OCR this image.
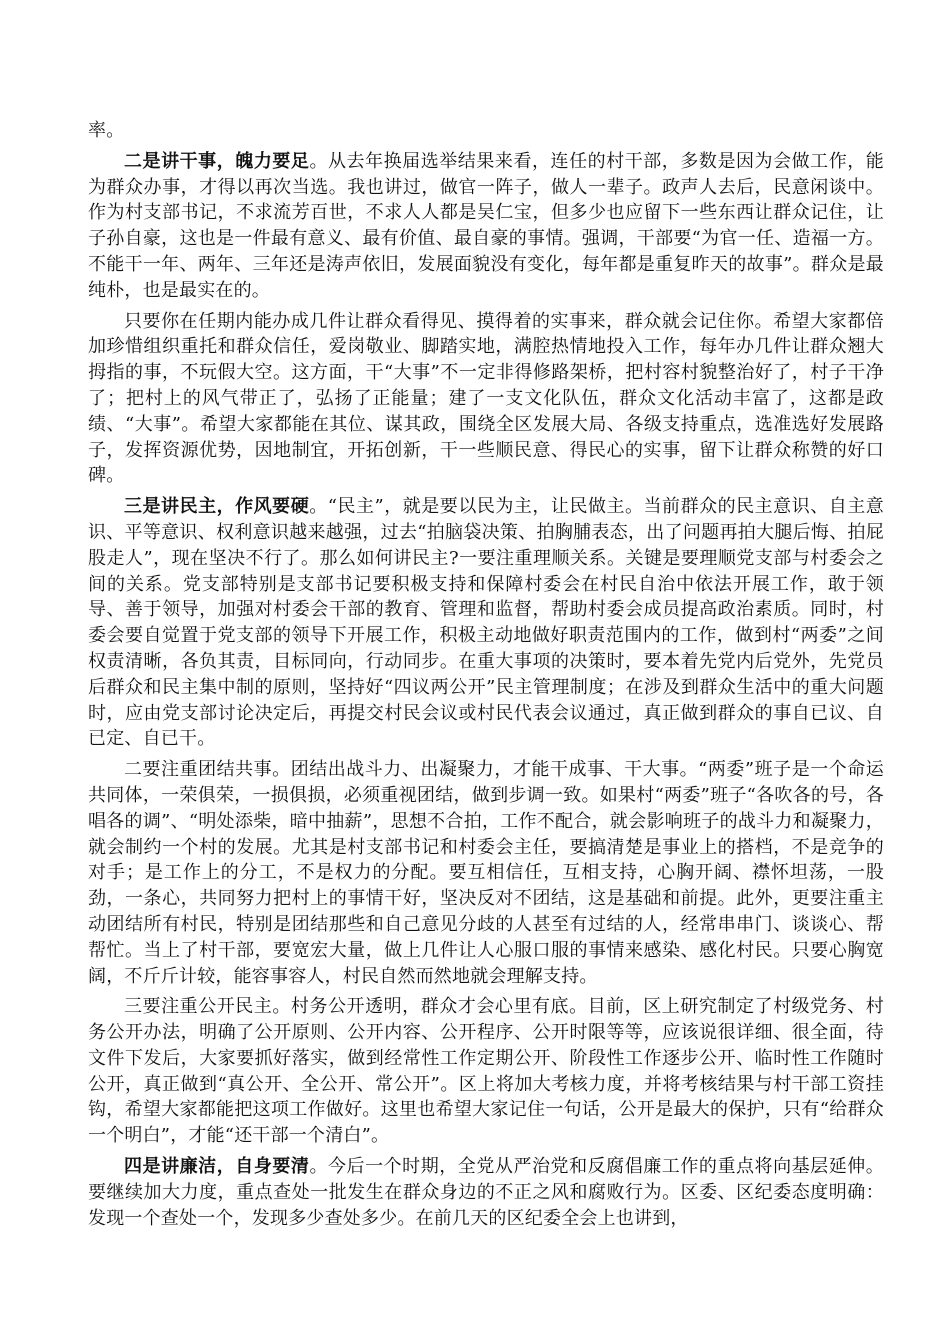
率。

二是讲干事，魄力要足。从去年换届选举结果来看，连任的村干部，多数是因为会做工作，能为群众办事，才得以再次当选。我也讲过，做官一阵子，做人一辈子。政声人去后，民意闲谈中。作为村支部书记，不求流芳百世，不求人人都是吴仁宝，但多少也应留下一些东西让群众记住，让子孙自豪，这也是一件最有意义、最有价值、最自豪的事情。强调，干部要“为官一任、造福一方。不能干一年、两年、三年还是涛声依旧，发展面貌没有变化，每年都是重复昨天的故事”。群众是最纯朴，也是最实在的。

只要你在任期内能办成几件让群众看得见、摸得着的实事来，群众就会记住你。希望大家都倍加珍惜组织重托和群众信任，爱岗敬业、脚踏实地，满腔热情地投入工作，每年办几件让群众翘大拇指的事，不玩假大空。这方面，干“大事”不一定非得修路架桥，把村容村貌整治好了，村子干净了；把村上的风气带正了，弘扬了正能量；建了一支文化队伍，群众文化活动丰富了，这都是政绩、“大事”。希望大家都能在其位、谋其政，围绕全区发展大局、各级支持重点，选准选好发展路子，发挥资源优势，因地制宜，开拓创新，干一些顺民意、得民心的实事，留下让群众称赞的好口碑。

三是讲民主，作风要硬。“民主”，就是要以民为主，让民做主。当前群众的民主意识、自主意识、平等意识、权利意识越来越强，过去“拍脑袋决策、拍胸脯表态，出了问题再拍大腿后悔、拍屁股走人”，现在坚决不行了。那么如何讲民主?一要注重理顺关系。关键是要理顺党支部与村委会之间的关系。党支部特别是支部书记要积极支持和保障村委会在村民自治中依法开展工作，敢于领导、善于领导，加强对村委会干部的教育、管理和监督，帮助村委会成员提高政治素质。同时，村委会要自觉置于党支部的领导下开展工作，积极主动地做好职责范围内的工作，做到村“两委”之间权责清晰，各负其责，目标同向，行动同步。在重大事项的决策时，要本着先党内后党外，先党员后群众和民主集中制的原则，坚持好“四议两公开”民主管理制度；在涉及到群众生活中的重大问题时，应由党支部讨论决定后，再提交村民会议或村民代表会议通过，真正做到群众的事自已议、自已定、自已干。

二要注重团结共事。团结出战斗力、出凝聚力，才能干成事、干大事。“两委”班子是一个命运共同体，一荣俱荣，一损俱损，必须重视团结，做到步调一致。如果村“两委”班子“各吹各的号，各唱各的调”、“明处添柴，暗中抽薪”，思想不合拍，工作不配合，就会影响班子的战斗力和凝聚力，就会制约一个村的发展。尤其是村支部书记和村委会主任，要搞清楚是事业上的搭档，不是竞争的对手；是工作上的分工，不是权力的分配。要互相信任，互相支持，心胸开阔、襟怀坦荡，一股劲，一条心，共同努力把村上的事情干好，坚决反对不团结，这是基础和前提。此外，更要注重主动团结所有村民，特别是团结那些和自己意见分歧的人甚至有过结的人，经常串串门、谈谈心、帮帮忙。当上了村干部，要宽宏大量，做上几件让人心服口服的事情来感染、感化村民。只要心胸宽阔，不斤斤计较，能容事容人，村民自然而然地就会理解支持。

三要注重公开民主。村务公开透明，群众才会心里有底。目前，区上研究制定了村级党务、村务公开办法，明确了公开原则、公开内容、公开程序、公开时限等等，应该说很详细、很全面，待文件下发后，大家要抓好落实，做到经常性工作定期公开、阶段性工作逐步公开、临时性工作随时公开，真正做到“真公开、全公开、常公开”。区上将加大考核力度，并将考核结果与村干部工资挂钩，希望大家都能把这项工作做好。这里也希望大家记住一句话，公开是最大的保护，只有“给群众一个明白”，才能“还干部一个清白”。

四是讲廉洁，自身要清。今后一个时期，全党从严治党和反腐倡廉工作的重点将向基层延伸。要继续加大力度，重点查处一批发生在群众身边的不正之风和腐败行为。区委、区纪委态度明确：发现一个查处一个，发现多少查处多少。在前几天的区纪委全会上也讲到，
